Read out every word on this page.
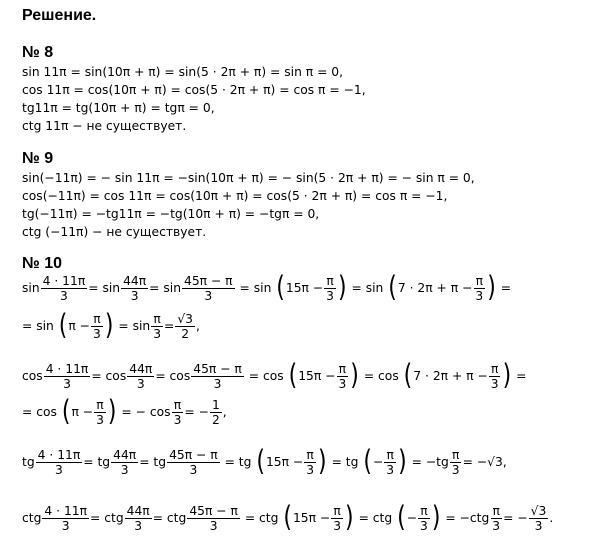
Решение.
№ 8
sin 11π = sin(10π + π) = sin(5 · 2π + π) = sin π = 0,
cos 11π = cos(10π + π) = cos(5 · 2π + π) = cos π = −1,
tg11π = tg(10π + π) = tgπ = 0,
ctg 11π − не существует.
№ 9
sin(−11π) = − sin 11π = −sin(10π + π) = − sin(5 · 2π + π) = − sin π = 0,
cos(−11π) = cos 11π = cos(10π + π) = cos(5 · 2π + π) = cos π = −1,
tg(−11π) = −tg11π = −tg(10π + π) = −tgπ = 0,
ctg (−11π) − не существует.
№ 10
$\sin \frac{4 \cdot 11\pi}{3}$ =
$\sin \frac{44\pi}{3}$ =
$\sin \frac{45\pi - \pi}{3}$
=
sin
( $15\pi - \frac{\pi}{3}$ )
=
sin
( $7 \cdot 2\pi + \pi - \frac{\pi}{3}$ )
=
=
sin
( $\pi - \frac{\pi}{3}$ )
=
$\sin \frac{\pi}{3} = \frac{√3}{2}$ ,
$\cos \frac{4 \cdot 11\pi}{3}$ =
$\cos \frac{44\pi}{3}$ =
$\cos \frac{45\pi - \pi}{3}$
=
cos
( $15\pi - \frac{\pi}{3}$ )
=
cos
( $7 \cdot 2\pi + \pi - \frac{\pi}{3}$ )
=
=
cos
( $\pi - \frac{\pi}{3}$ )
=
−
$\cos \frac{\pi}{3}$ =
− $\frac{1}{2}$ ,
tg $\frac{4 \cdot 11\pi}{3}$ =
tg $\frac{44\pi}{3}$ =
tg $\frac{45\pi - \pi}{3}$
=
tg
( $15\pi - \frac{\pi}{3}$ )
=
tg
( − $\frac{\pi}{3}$ )
=
− tg $\frac{\pi}{3}$ =
−√3 ,
ctg $\frac{4 \cdot 11\pi}{3}$ =
ctg $\frac{44\pi}{3}$ =
ctg $\frac{45\pi - \pi}{3}$
=
ctg
( $15\pi - \frac{\pi}{3}$ )
=
ctg
( − $\frac{\pi}{3}$ )
=
− ctg $\frac{\pi}{3}$ =
− $\frac{√3}{3}$ .
